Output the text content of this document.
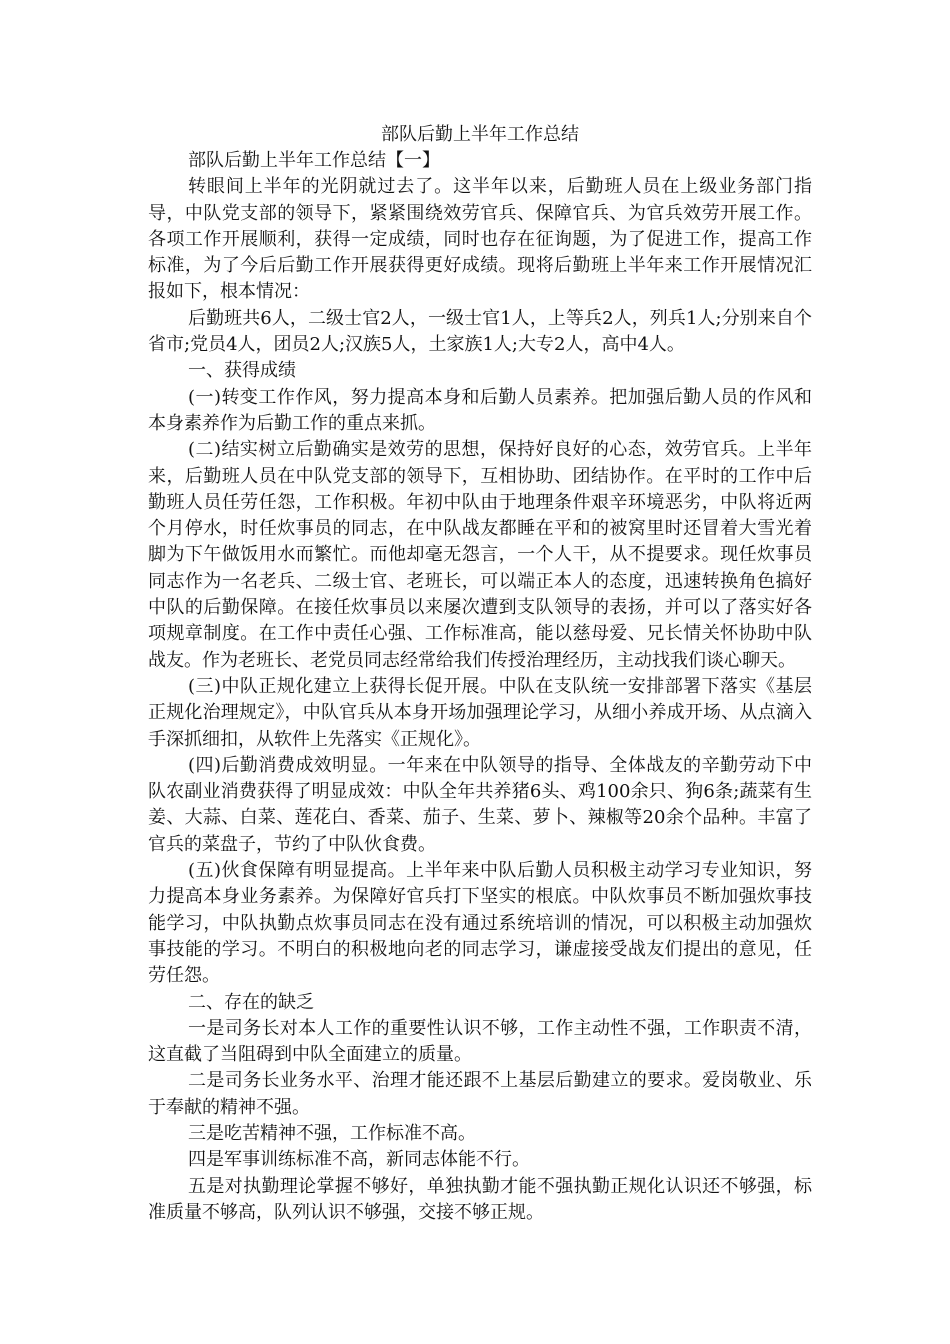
部队后勤上半年工作总结

部队后勤上半年工作总结【一】

转眼间上半年的光阴就过去了。这半年以来，后勤班人员在上级业务部门指导，中队党支部的领导下，紧紧围绕效劳官兵、保障官兵、为官兵效劳开展工作。各项工作开展顺利，获得一定成绩，同时也存在征询题，为了促进工作，提高工作标准，为了今后后勤工作开展获得更好成绩。现将后勤班上半年来工作开展情况汇报如下，根本情况：

后勤班共6人，二级士官2人，一级士官1人，上等兵2人，列兵1人;分别来自个省市;党员4人，团员2人;汉族5人，土家族1人;大专2人，高中4人。

一、获得成绩

(一)转变工作作风，努力提高本身和后勤人员素养。把加强后勤人员的作风和本身素养作为后勤工作的重点来抓。

(二)结实树立后勤确实是效劳的思想，保持好良好的心态，效劳官兵。上半年来，后勤班人员在中队党支部的领导下，互相协助、团结协作。在平时的工作中后勤班人员任劳任怨，工作积极。年初中队由于地理条件艰辛环境恶劣，中队将近两个月停水，时任炊事员的同志，在中队战友都睡在平和的被窝里时还冒着大雪光着脚为下午做饭用水而繁忙。而他却毫无怨言，一个人干，从不提要求。现任炊事员同志作为一名老兵、二级士官、老班长，可以端正本人的态度，迅速转换角色搞好中队的后勤保障。在接任炊事员以来屡次遭到支队领导的表扬，并可以了落实好各项规章制度。在工作中责任心强、工作标准高，能以慈母爱、兄长情关怀协助中队战友。作为老班长、老党员同志经常给我们传授治理经历，主动找我们谈心聊天。

(三)中队正规化建立上获得长促开展。中队在支队统一安排部署下落实《基层正规化治理规定》，中队官兵从本身开场加强理论学习，从细小养成开场、从点滴入手深抓细扣，从软件上先落实《正规化》。

(四)后勤消费成效明显。一年来在中队领导的指导、全体战友的辛勤劳动下中队农副业消费获得了明显成效：中队全年共养猪6头、鸡100余只、狗6条;蔬菜有生姜、大蒜、白菜、莲花白、香菜、茄子、生菜、萝卜、辣椒等20余个品种。丰富了官兵的菜盘子，节约了中队伙食费。

(五)伙食保障有明显提高。上半年来中队后勤人员积极主动学习专业知识，努力提高本身业务素养。为保障好官兵打下坚实的根底。中队炊事员不断加强炊事技能学习，中队执勤点炊事员同志在没有通过系统培训的情况，可以积极主动加强炊事技能的学习。不明白的积极地向老的同志学习，谦虚接受战友们提出的意见，任劳任怨。

二、存在的缺乏

一是司务长对本人工作的重要性认识不够，工作主动性不强，工作职责不清，这直截了当阻碍到中队全面建立的质量。

二是司务长业务水平、治理才能还跟不上基层后勤建立的要求。爱岗敬业、乐于奉献的精神不强。

三是吃苦精神不强，工作标准不高。

四是军事训练标准不高，新同志体能不行。

五是对执勤理论掌握不够好，单独执勤才能不强执勤正规化认识还不够强，标准质量不够高，队列认识不够强，交接不够正规。
